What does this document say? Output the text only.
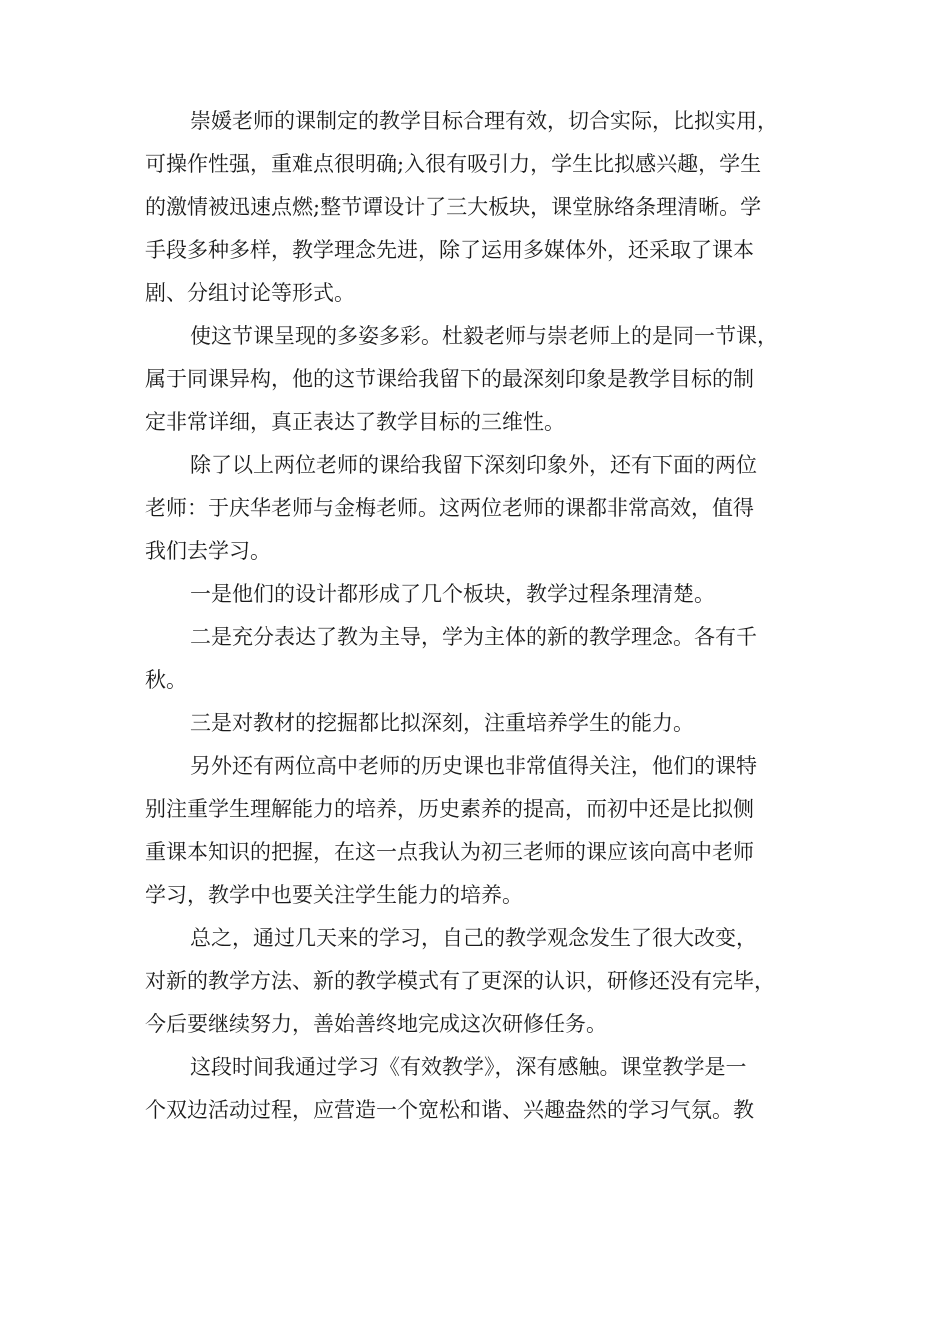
崇媛老师的课制定的教学目标合理有效，切合实际，比拟实用，

可操作性强，重难点很明确;入很有吸引力，学生比拟感兴趣，学生

的激情被迅速点燃;整节谭设计了三大板块，课堂脉络条理清晰。学

手段多种多样，教学理念先进，除了运用多媒体外，还采取了课本

剧、分组讨论等形式。

使这节课呈现的多姿多彩。杜毅老师与崇老师上的是同一节课，

属于同课异构，他的这节课给我留下的最深刻印象是教学目标的制

定非常详细，真正表达了教学目标的三维性。

除了以上两位老师的课给我留下深刻印象外，还有下面的两位

老师：于庆华老师与金梅老师。这两位老师的课都非常高效，值得

我们去学习。

一是他们的设计都形成了几个板块，教学过程条理清楚。

二是充分表达了教为主导，学为主体的新的教学理念。各有千

秋。

三是对教材的挖掘都比拟深刻，注重培养学生的能力。

另外还有两位高中老师的历史课也非常值得关注，他们的课特

别注重学生理解能力的培养，历史素养的提高，而初中还是比拟侧

重课本知识的把握，在这一点我认为初三老师的课应该向高中老师

学习，教学中也要关注学生能力的培养。

总之，通过几天来的学习，自己的教学观念发生了很大改变，

对新的教学方法、新的教学模式有了更深的认识，研修还没有完毕，

今后要继续努力，善始善终地完成这次研修任务。

这段时间我通过学习《有效教学》，深有感触。课堂教学是一

个双边活动过程，应营造一个宽松和谐、兴趣盎然的学习气氛。教
